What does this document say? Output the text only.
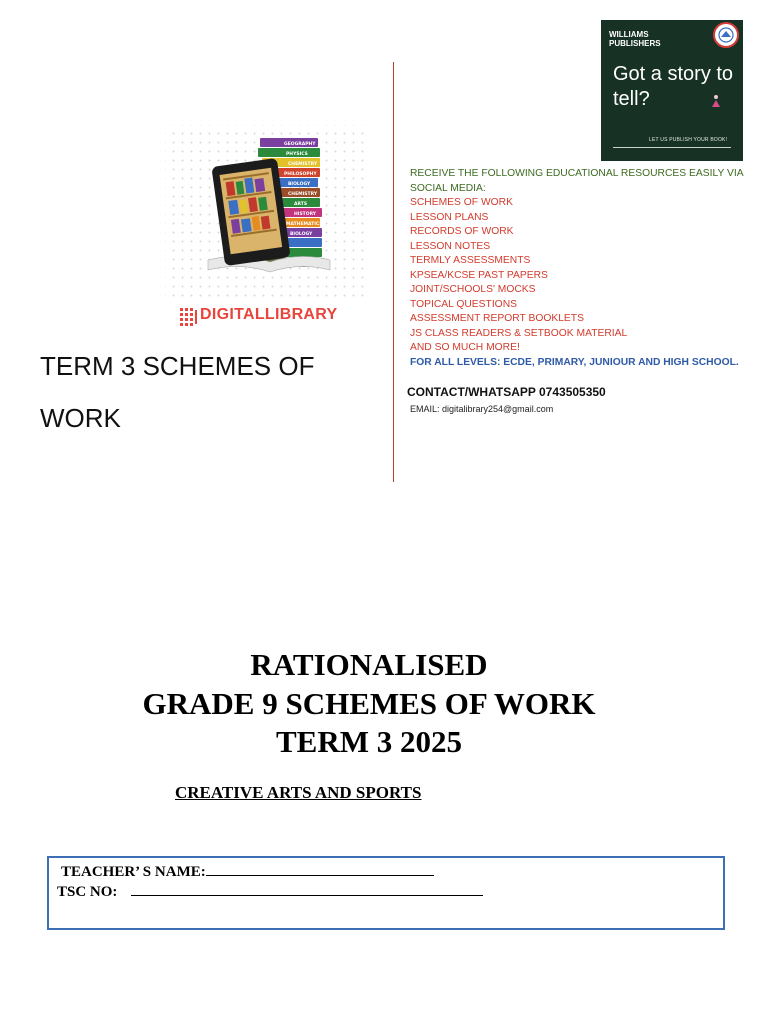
GEOGRAPHY
PHYSICS
CHEMISTRY
PHILOSOPHY
BIOLOGY
CHEMISTRY
ARTS
HISTORY
MATHEMATICS
BIOLOGY
DIGITALLIBRARY
TERM 3 SCHEMES OF WORK
WILLIAMS PUBLISHERS
Got a story to tell?
LET US PUBLISH YOUR BOOK!
RECEIVE THE FOLLOWING EDUCATIONAL RESOURCES EASILY VIA SOCIAL MEDIA:
SCHEMES OF WORK
LESSON PLANS
RECORDS OF WORK
LESSON NOTES
TERMLY ASSESSMENTS
KPSEA/KCSE PAST PAPERS
JOINT/SCHOOLS' MOCKS
TOPICAL QUESTIONS
ASSESSMENT REPORT BOOKLETS
JS CLASS READERS & SETBOOK MATERIAL
AND SO MUCH MORE!
FOR ALL LEVELS: ECDE, PRIMARY, JUNIOUR AND HIGH SCHOOL.
CONTACT/WHATSAPP 0743505350
EMAIL: digitalibrary254@gmail.com
RATIONALISED
GRADE 9 SCHEMES OF WORK
TERM 3 2025
CREATIVE ARTS AND SPORTS
TEACHER’ S NAME:
TSC NO:
